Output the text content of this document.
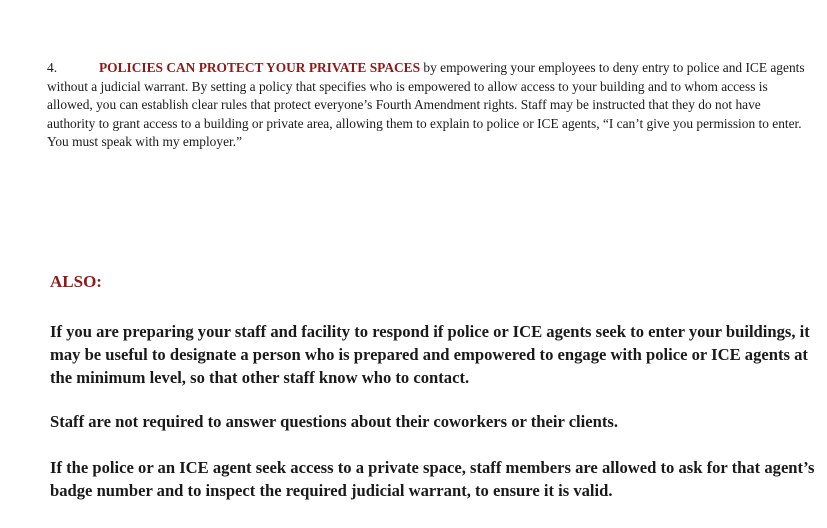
4.	POLICIES CAN PROTECT YOUR PRIVATE SPACES by empowering your employees to deny entry to police and ICE agents without a judicial warrant. By setting a policy that specifies who is empowered to allow access to your building and to whom access is allowed, you can establish clear rules that protect everyone’s Fourth Amendment rights. Staff may be instructed that they do not have authority to grant access to a building or private area, allowing them to explain to police or ICE agents, “I can’t give you permission to enter. You must speak with my employer.”

ALSO:

If you are preparing your staff and facility to respond if police or ICE agents seek to enter your buildings, it may be useful to designate a person who is prepared and empowered to engage with police or ICE agents at the minimum level, so that other staff know who to contact.

Staff are not required to answer questions about their coworkers or their clients.

If the police or an ICE agent seek access to a private space, staff members are allowed to ask for that agent’s badge number and to inspect the required judicial warrant, to ensure it is valid.
